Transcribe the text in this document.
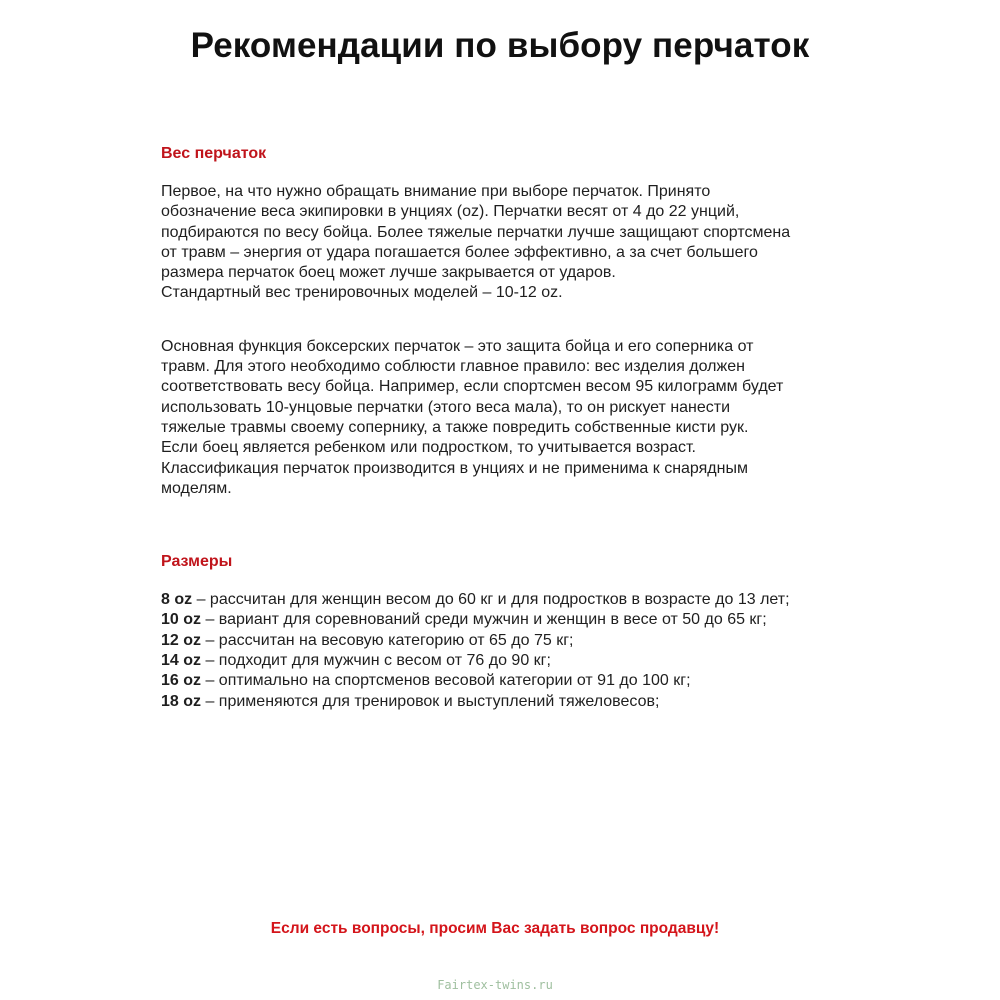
Рекомендации по выбору перчаток
Вес перчаток

Первое, на что нужно обращать внимание при выборе перчаток. Принято
обозначение веса экипировки в унциях (oz). Перчатки весят от 4 до 22 унций,
подбираются по весу бойца. Более тяжелые перчатки лучше защищают спортсмена
от травм – энергия от удара погашается более эффективно, а за счет большего
размера перчаток боец может лучше закрывается от ударов.
Стандартный вес тренировочных моделей – 10-12 oz.

Основная функция боксерских перчаток – это защита бойца и его соперника от
травм. Для этого необходимо соблюсти главное правило: вес изделия должен
соответствовать весу бойца. Например, если спортсмен весом 95 килограмм будет
использовать 10-унцовые перчатки (этого веса мала), то он рискует нанести
тяжелые травмы своему сопернику, а также повредить собственные кисти рук.
Если боец является ребенком или подростком, то учитывается возраст.
Классификация перчаток производится в унциях и не применима к снарядным
моделям.

Размеры
8 oz – рассчитан для женщин весом до 60 кг и для подростков в возрасте до 13 лет;
10 oz – вариант для соревнований среди мужчин и женщин в весе от 50 до 65 кг;
12 oz – рассчитан на весовую категорию от 65 до 75 кг;
14 oz – подходит для мужчин с весом от 76 до 90 кг;
16 oz – оптимально на спортсменов весовой категории от 91 до 100 кг;
18 oz – применяются для тренировок и выступлений тяжеловесов;
Если есть вопросы, просим Вас задать вопрос продавцу!
Fairtex-twins.ru
